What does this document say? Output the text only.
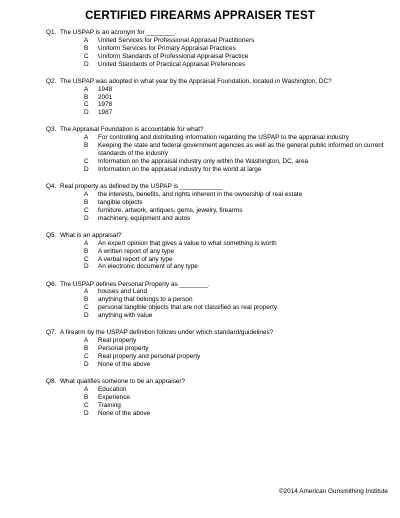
CERTIFIED FIREARMS APPRAISER TEST
Q1. The USPAP is an acronym for ________.
A	United Services for Professional Appraisal Practitioners
B	Uniform Services for Primary Appraisal Practices
C	Uniform Standards of Professional Appraisal Practice
D	United Standards of Practical Appraisal Preferences
Q2. The USPAP was adopted in what year by the Appraisal Foundation, located in Washington, DC?
A	1948
B	2001
C	1978
D	1987
Q3. The Appraisal Foundation is accountable for what?
A	For controlling and distributing information regarding the USPAP to the appraisal industry
B	Keeping the state and federal government agencies as well as the general public informed on current standards of the industry
C	Information on the appraisal industry only within the Washington, DC, area
D	Information on the appraisal industry for the world at large
Q4. Real property as defined by the USPAP is ____________
A	the interests, benefits, and rights inherent in the ownership of real estate
B	tangible objects
C	furniture, artwork, antiques, gems, jewelry, firearms
D	machinery, equipment and autos
Q5. What is an appraisal?
A	An expert opinion that gives a value to what something is worth
B	A written report of any type
C	A verbal report of any type
D	An electronic document of any type
Q6. The USPAP defines Personal Property as ________.
A	houses and Land
B	anything that belongs to a person
C	personal tangible objects that are not classified as real property
D	anything with value
Q7. A firearm by the USPAP definition follows under which standard/guidelines?
A	Real property
B	Personal property
C	Real property and personal property
D	None of the above
Q8. What qualifies someone to be an appraiser?
A	Education
B	Experience
C	Training
D	None of the above
©2014 American Gunsmithing Institute
